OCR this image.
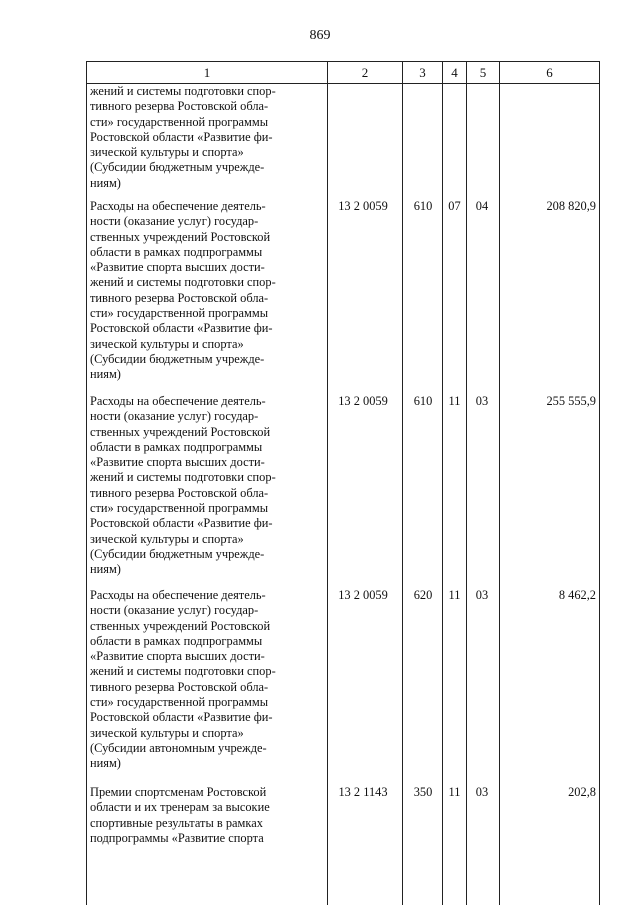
869
1	2	3	4	5	6
жений и системы подготовки спор-
тивного резерва Ростовской обла-
сти» государственной программы
Ростовской области «Развитие фи-
зической культуры и спорта»
(Субсидии бюджетным учрежде-
ниям)
Расходы на обеспечение деятель-
ности (оказание услуг) государ-
ственных учреждений Ростовской
области в рамках подпрограммы
«Развитие спорта высших дости-
жений и системы подготовки спор-
тивного резерва Ростовской обла-
сти» государственной программы
Ростовской области «Развитие фи-
зической культуры и спорта»
(Субсидии бюджетным учрежде-
ниям)
13 2 0059	610	07	04	208 820,9
Расходы на обеспечение деятель-
ности (оказание услуг) государ-
ственных учреждений Ростовской
области в рамках подпрограммы
«Развитие спорта высших дости-
жений и системы подготовки спор-
тивного резерва Ростовской обла-
сти» государственной программы
Ростовской области «Развитие фи-
зической культуры и спорта»
(Субсидии бюджетным учрежде-
ниям)
13 2 0059	610	11	03	255 555,9
Расходы на обеспечение деятель-
ности (оказание услуг) государ-
ственных учреждений Ростовской
области в рамках подпрограммы
«Развитие спорта высших дости-
жений и системы подготовки спор-
тивного резерва Ростовской обла-
сти» государственной программы
Ростовской области «Развитие фи-
зической культуры и спорта»
(Субсидии автономным учрежде-
ниям)
13 2 0059	620	11	03	8 462,2
Премии спортсменам Ростовской
области и их тренерам за высокие
спортивные результаты в рамках
подпрограммы «Развитие спорта
13 2 1143	350	11	03	202,8
